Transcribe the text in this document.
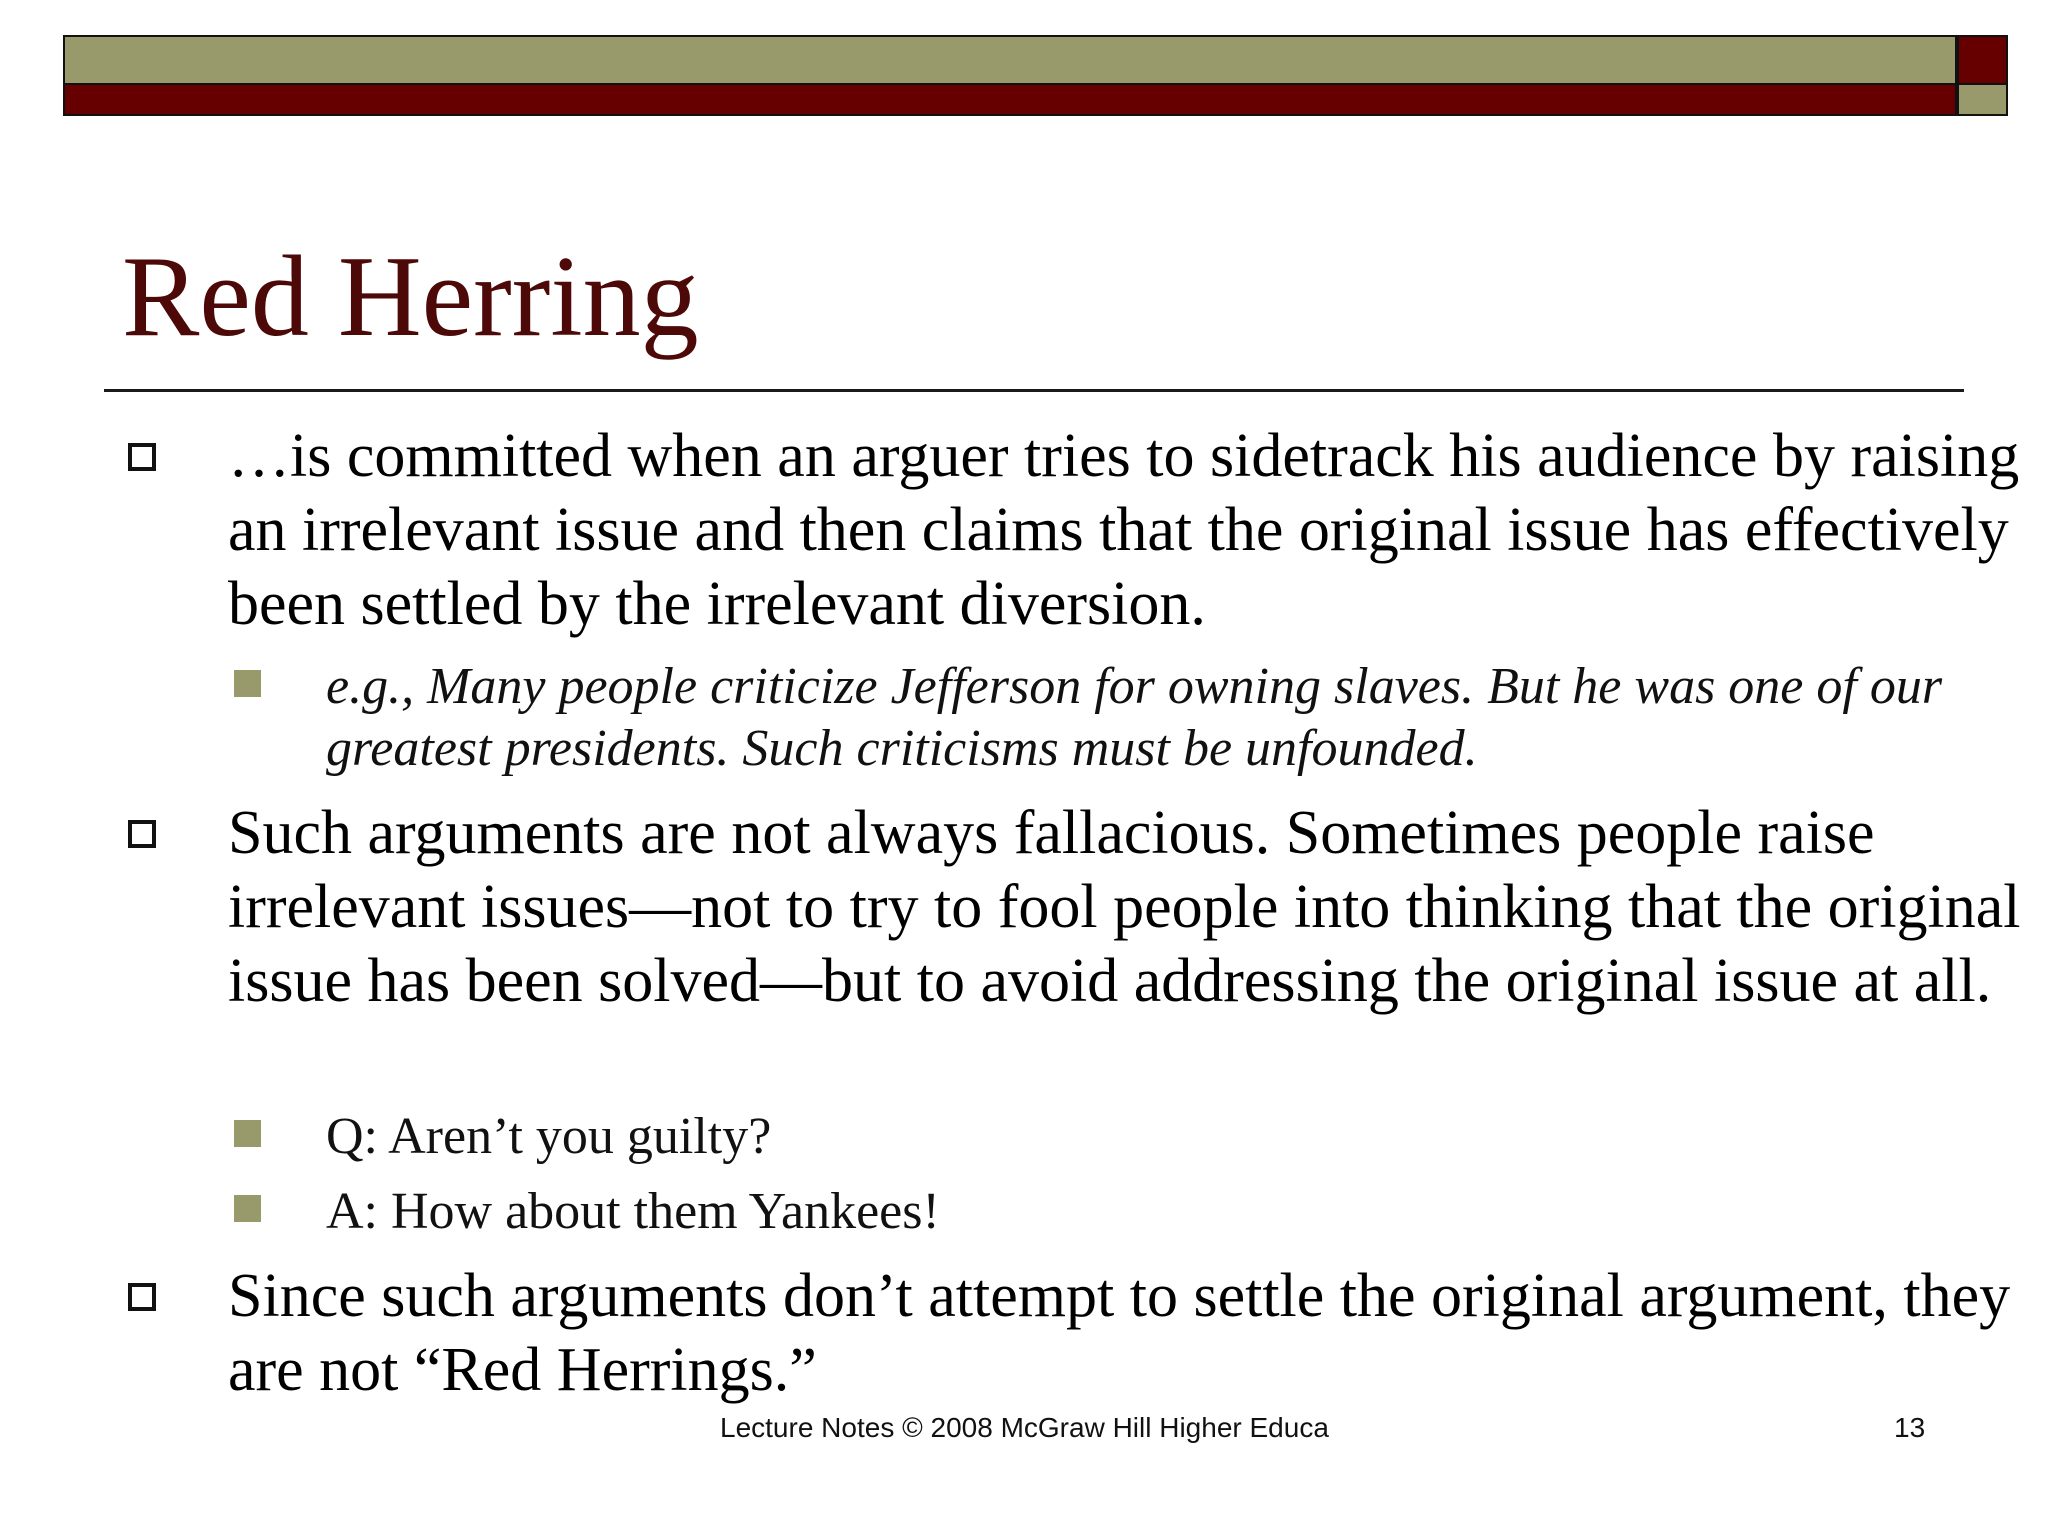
Red Herring
…is committed when an arguer tries to sidetrack his audience by raising an irrelevant issue and then claims that the original issue has effectively been settled by the irrelevant diversion.
e.g., Many people criticize Jefferson for owning slaves. But he was one of our greatest presidents. Such criticisms must be unfounded.
Such arguments are not always fallacious. Sometimes people raise irrelevant issues—not to try to fool people into thinking that the original issue has been solved—but to avoid addressing the original issue at all.
Q: Aren’t you guilty?
A: How about them Yankees!
Since such arguments don’t attempt to settle the original argument, they are not “Red Herrings.”
Lecture Notes © 2008 McGraw Hill Higher Educa	13
